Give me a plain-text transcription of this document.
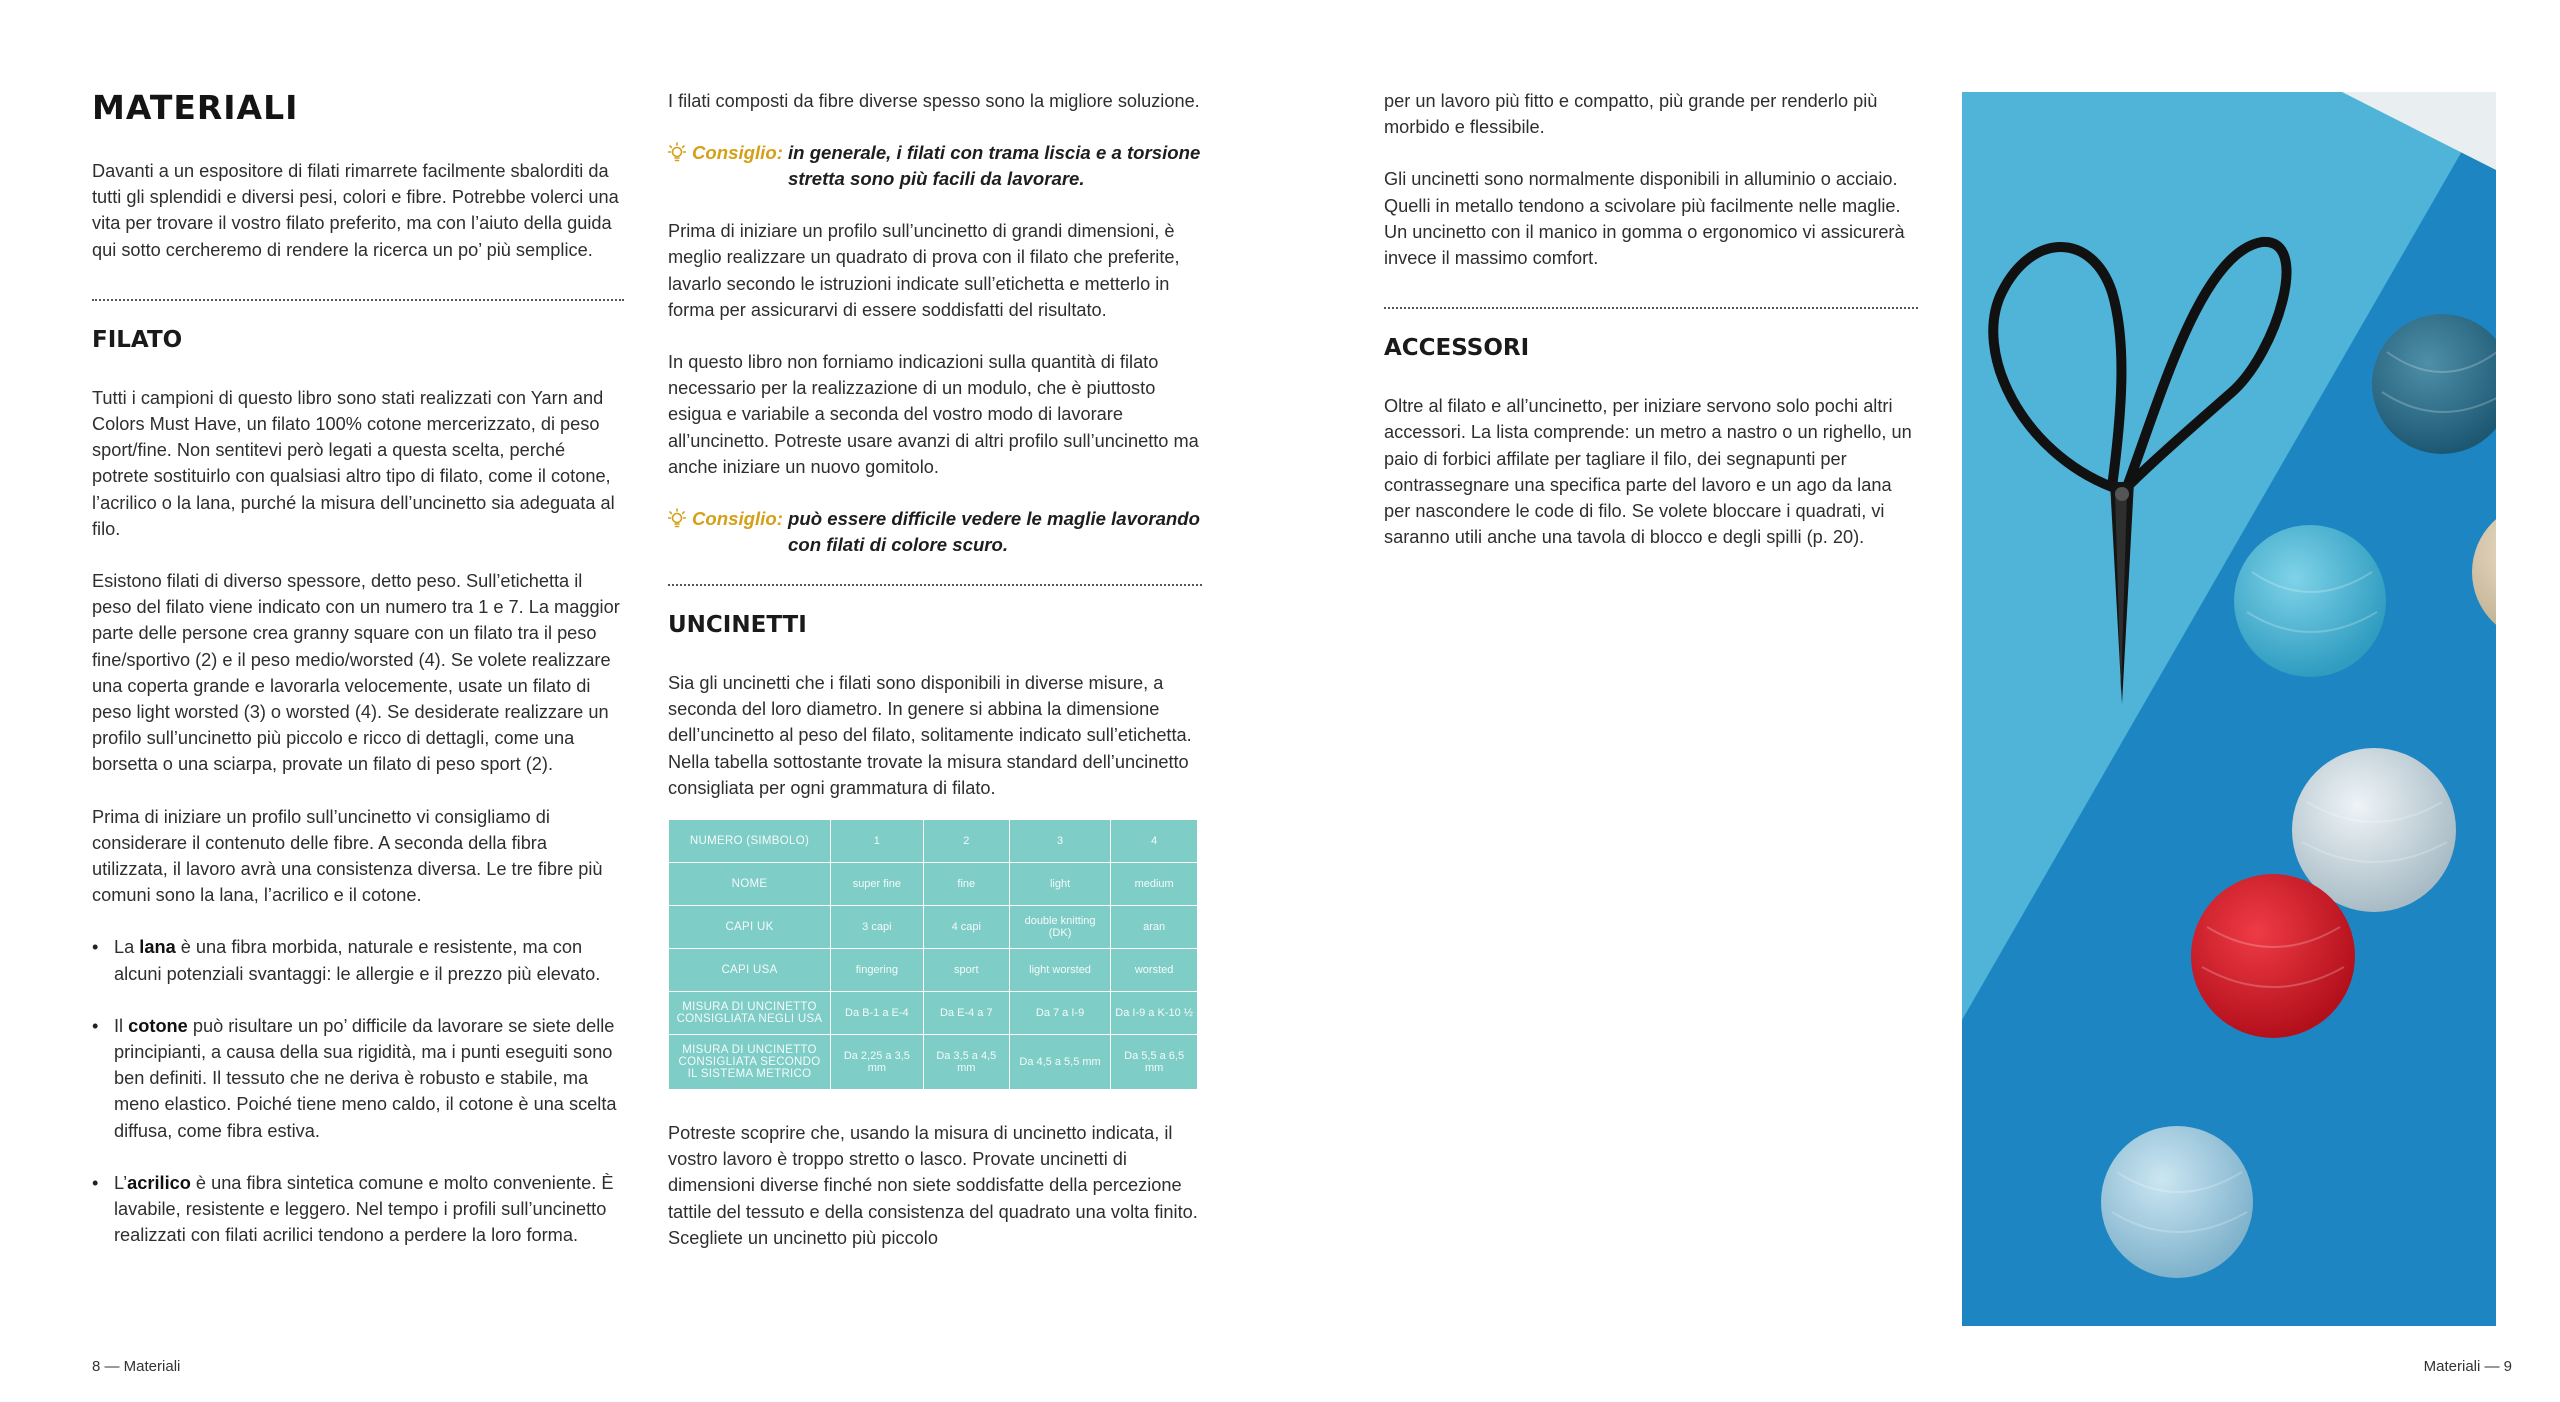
MATERIALI

Davanti a un espositore di filati rimarrete facilmente sbalorditi da tutti gli splendidi e diversi pesi, colori e fibre. Potrebbe volerci una vita per trovare il vostro filato preferito, ma con l’aiuto della guida qui sotto cercheremo di rendere la ricerca un po’ più semplice.

FILATO

Tutti i campioni di questo libro sono stati realizzati con Yarn and Colors Must Have, un filato 100% cotone mercerizzato, di peso sport/fine. Non sentitevi però legati a questa scelta, perché potrete sostituirlo con qualsiasi altro tipo di filato, come il cotone, l’acrilico o la lana, purché la misura dell’uncinetto sia adeguata al filo.

Esistono filati di diverso spessore, detto peso. Sull’etichetta il peso del filato viene indicato con un numero tra 1 e 7. La maggior parte delle persone crea granny square con un filato tra il peso fine/sportivo (2) e il peso medio/worsted (4). Se volete realizzare una coperta grande e lavorarla velocemente, usate un filato di peso light worsted (3) o worsted (4). Se desiderate realizzare un profilo sull’uncinetto più piccolo e ricco di dettagli, come una borsetta o una sciarpa, provate un filato di peso sport (2).

Prima di iniziare un profilo sull’uncinetto vi consigliamo di considerare il contenuto delle fibre. A seconda della fibra utilizzata, il lavoro avrà una consistenza diversa. Le tre fibre più comuni sono la lana, l’acrilico e il cotone.

• La lana è una fibra morbida, naturale e resistente, ma con alcuni potenziali svantaggi: le allergie e il prezzo più elevato.
• Il cotone può risultare un po’ difficile da lavorare se siete delle principianti, a causa della sua rigidità, ma i punti eseguiti sono ben definiti. Il tessuto che ne deriva è robusto e stabile, ma meno elastico. Poiché tiene meno caldo, il cotone è una scelta diffusa, come fibra estiva.
• L’acrilico è una fibra sintetica comune e molto conveniente. È lavabile, resistente e leggero. Nel tempo i profili sull’uncinetto realizzati con filati acrilici tendono a perdere la loro forma.

I filati composti da fibre diverse spesso sono la migliore soluzione.

Consiglio: in generale, i filati con trama liscia e a torsione stretta sono più facili da lavorare.

Prima di iniziare un profilo sull’uncinetto di grandi dimensioni, è meglio realizzare un quadrato di prova con il filato che preferite, lavarlo secondo le istruzioni indicate sull’etichetta e metterlo in forma per assicurarvi di essere soddisfatti del risultato.

In questo libro non forniamo indicazioni sulla quantità di filato necessario per la realizzazione di un modulo, che è piuttosto esigua e variabile a seconda del vostro modo di lavorare all’uncinetto. Potreste usare avanzi di altri profilo sull’uncinetto ma anche iniziare un nuovo gomitolo.

Consiglio: può essere difficile vedere le maglie lavorando con filati di colore scuro.
UNCINETTI

Sia gli uncinetti che i filati sono disponibili in diverse misure, a seconda del loro diametro. In genere si abbina la dimensione dell’uncinetto al peso del filato, solitamente indicato sull’etichetta. Nella tabella sottostante trovate la misura standard dell’uncinetto consigliata per ogni grammatura di filato.

NUMERO (SIMBOLO)	1	2	3	4
NOME	super fine	fine	light	medium
CAPI UK	3 capi	4 capi	double knitting (DK)	aran
CAPI USA	fingering	sport	light worsted	worsted
MISURA DI UNCINETTO CONSIGLIATA NEGLI USA	Da B-1 a E-4	Da E-4 a 7	Da 7 a I-9	Da I-9 a K-10 ½
MISURA DI UNCINETTO CONSIGLIATA SECONDO IL SISTEMA METRICO	Da 2,25 a 3,5 mm	Da 3,5 a 4,5 mm	Da 4,5 a 5,5 mm	Da 5,5 a 6,5 mm

Potreste scoprire che, usando la misura di uncinetto indicata, il vostro lavoro è troppo stretto o lasco. Provate uncinetti di dimensioni diverse finché non siete soddisfatte della percezione tattile del tessuto e della consistenza del quadrato una volta finito. Scegliete un uncinetto più piccolo

per un lavoro più fitto e compatto, più grande per renderlo più morbido e flessibile.

Gli uncinetti sono normalmente disponibili in alluminio o acciaio. Quelli in metallo tendono a scivolare più facilmente nelle maglie. Un uncinetto con il manico in gomma o ergonomico vi assicurerà invece il massimo comfort.

ACCESSORI

Oltre al filato e all’uncinetto, per iniziare servono solo pochi altri accessori. La lista comprende: un metro a nastro o un righello, un paio di forbici affilate per tagliare il filo, dei segnapunti per contrassegnare una specifica parte del lavoro e un ago da lana per nascondere le code di filo. Se volete bloccare i quadrati, vi saranno utili anche una tavola di blocco e degli spilli (p. 20).

8 — Materiali	Materiali — 9
